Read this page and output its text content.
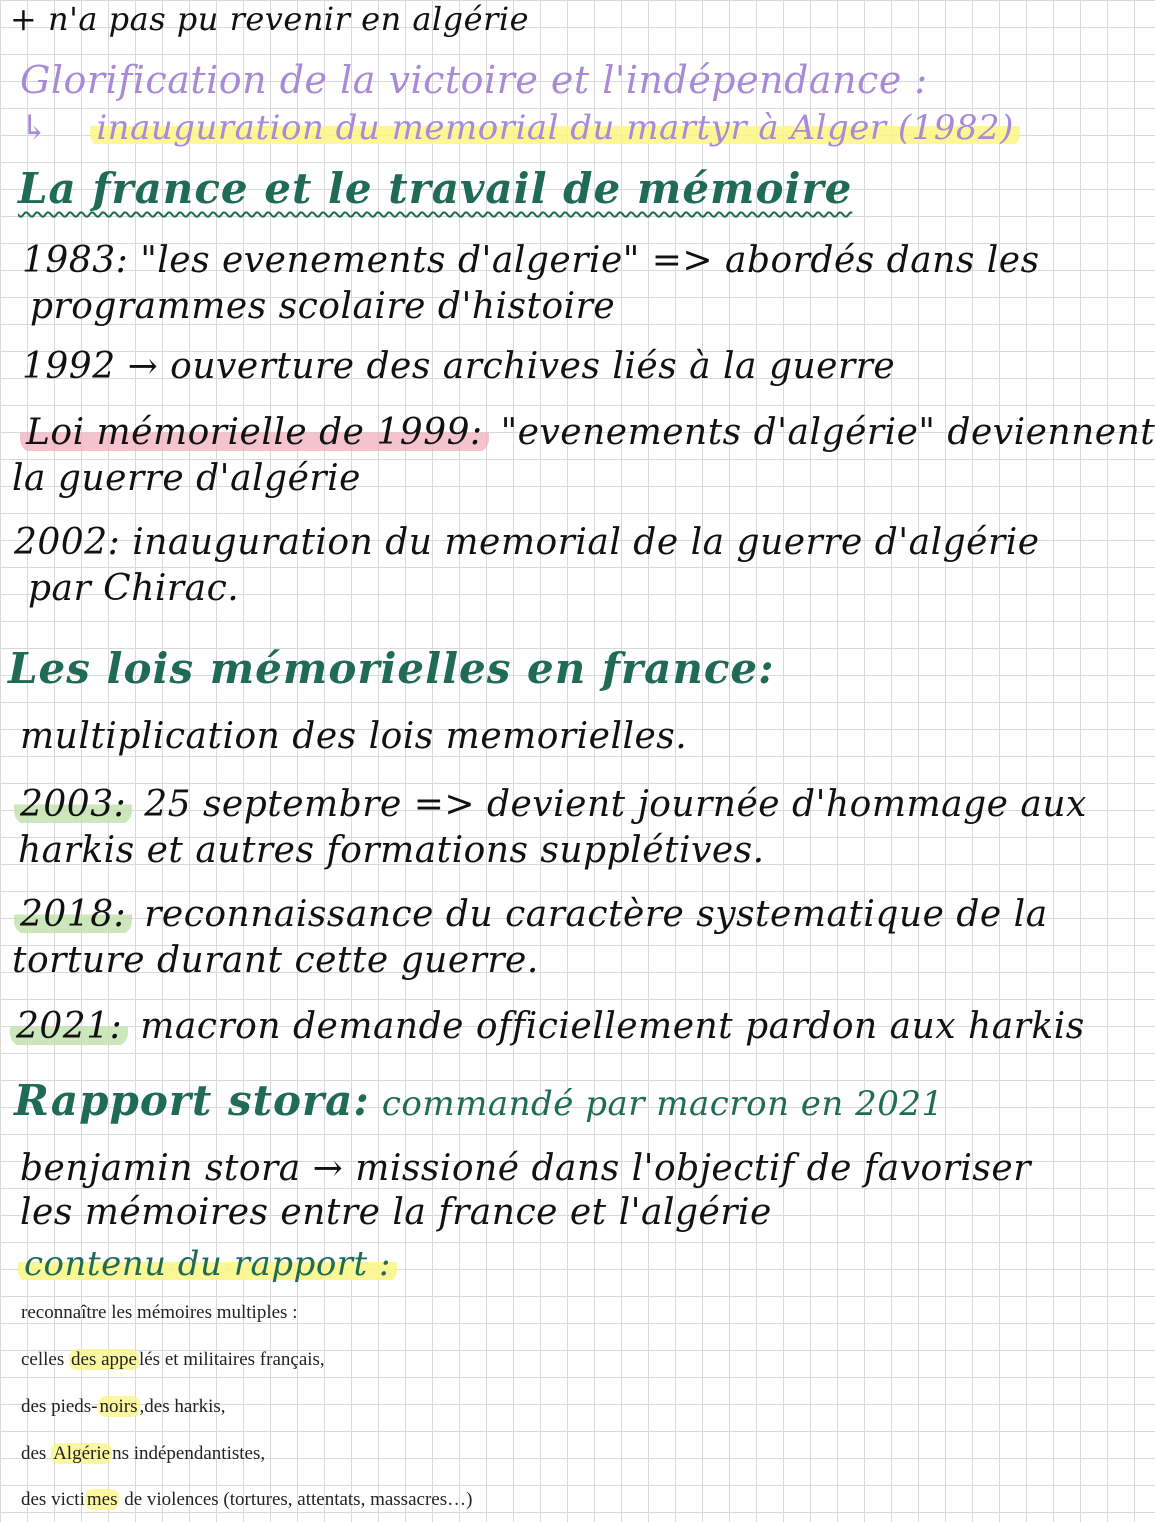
+ n'a pas pu revenir en algérie
Glorification de la victoire et l'indépendance :
↳ inauguration du memorial du martyr à Alger (1982)
La france et le travail de mémoire
1983: "les evenements d'algerie" => abordés dans les
programmes scolaire d'histoire
1992 → ouverture des archives liés à la guerre
Loi mémorielle de 1999: "evenements d'algérie" deviennent
la guerre d'algérie
2002: inauguration du memorial de la guerre d'algérie
par Chirac.
Les lois mémorielles en france:
multiplication des lois memorielles.
2003: 25 septembre => devient journée d'hommage aux
harkis et autres formations supplétives.
2018: reconnaissance du caractère systematique de la
torture durant cette guerre.
2021: macron demande officiellement pardon aux harkis
Rapport stora: commandé par macron en 2021
benjamin stora → missioné dans l'objectif de favoriser
les mémoires entre la france et l'algérie
contenu du rapport :
reconnaître les mémoires multiples :
celles des appe lés et militaires français,
des pieds- noirs ,des harkis,
des Algérie ns indépendantistes,
des victi mes de violences (tortures, attentats, massacres…)
